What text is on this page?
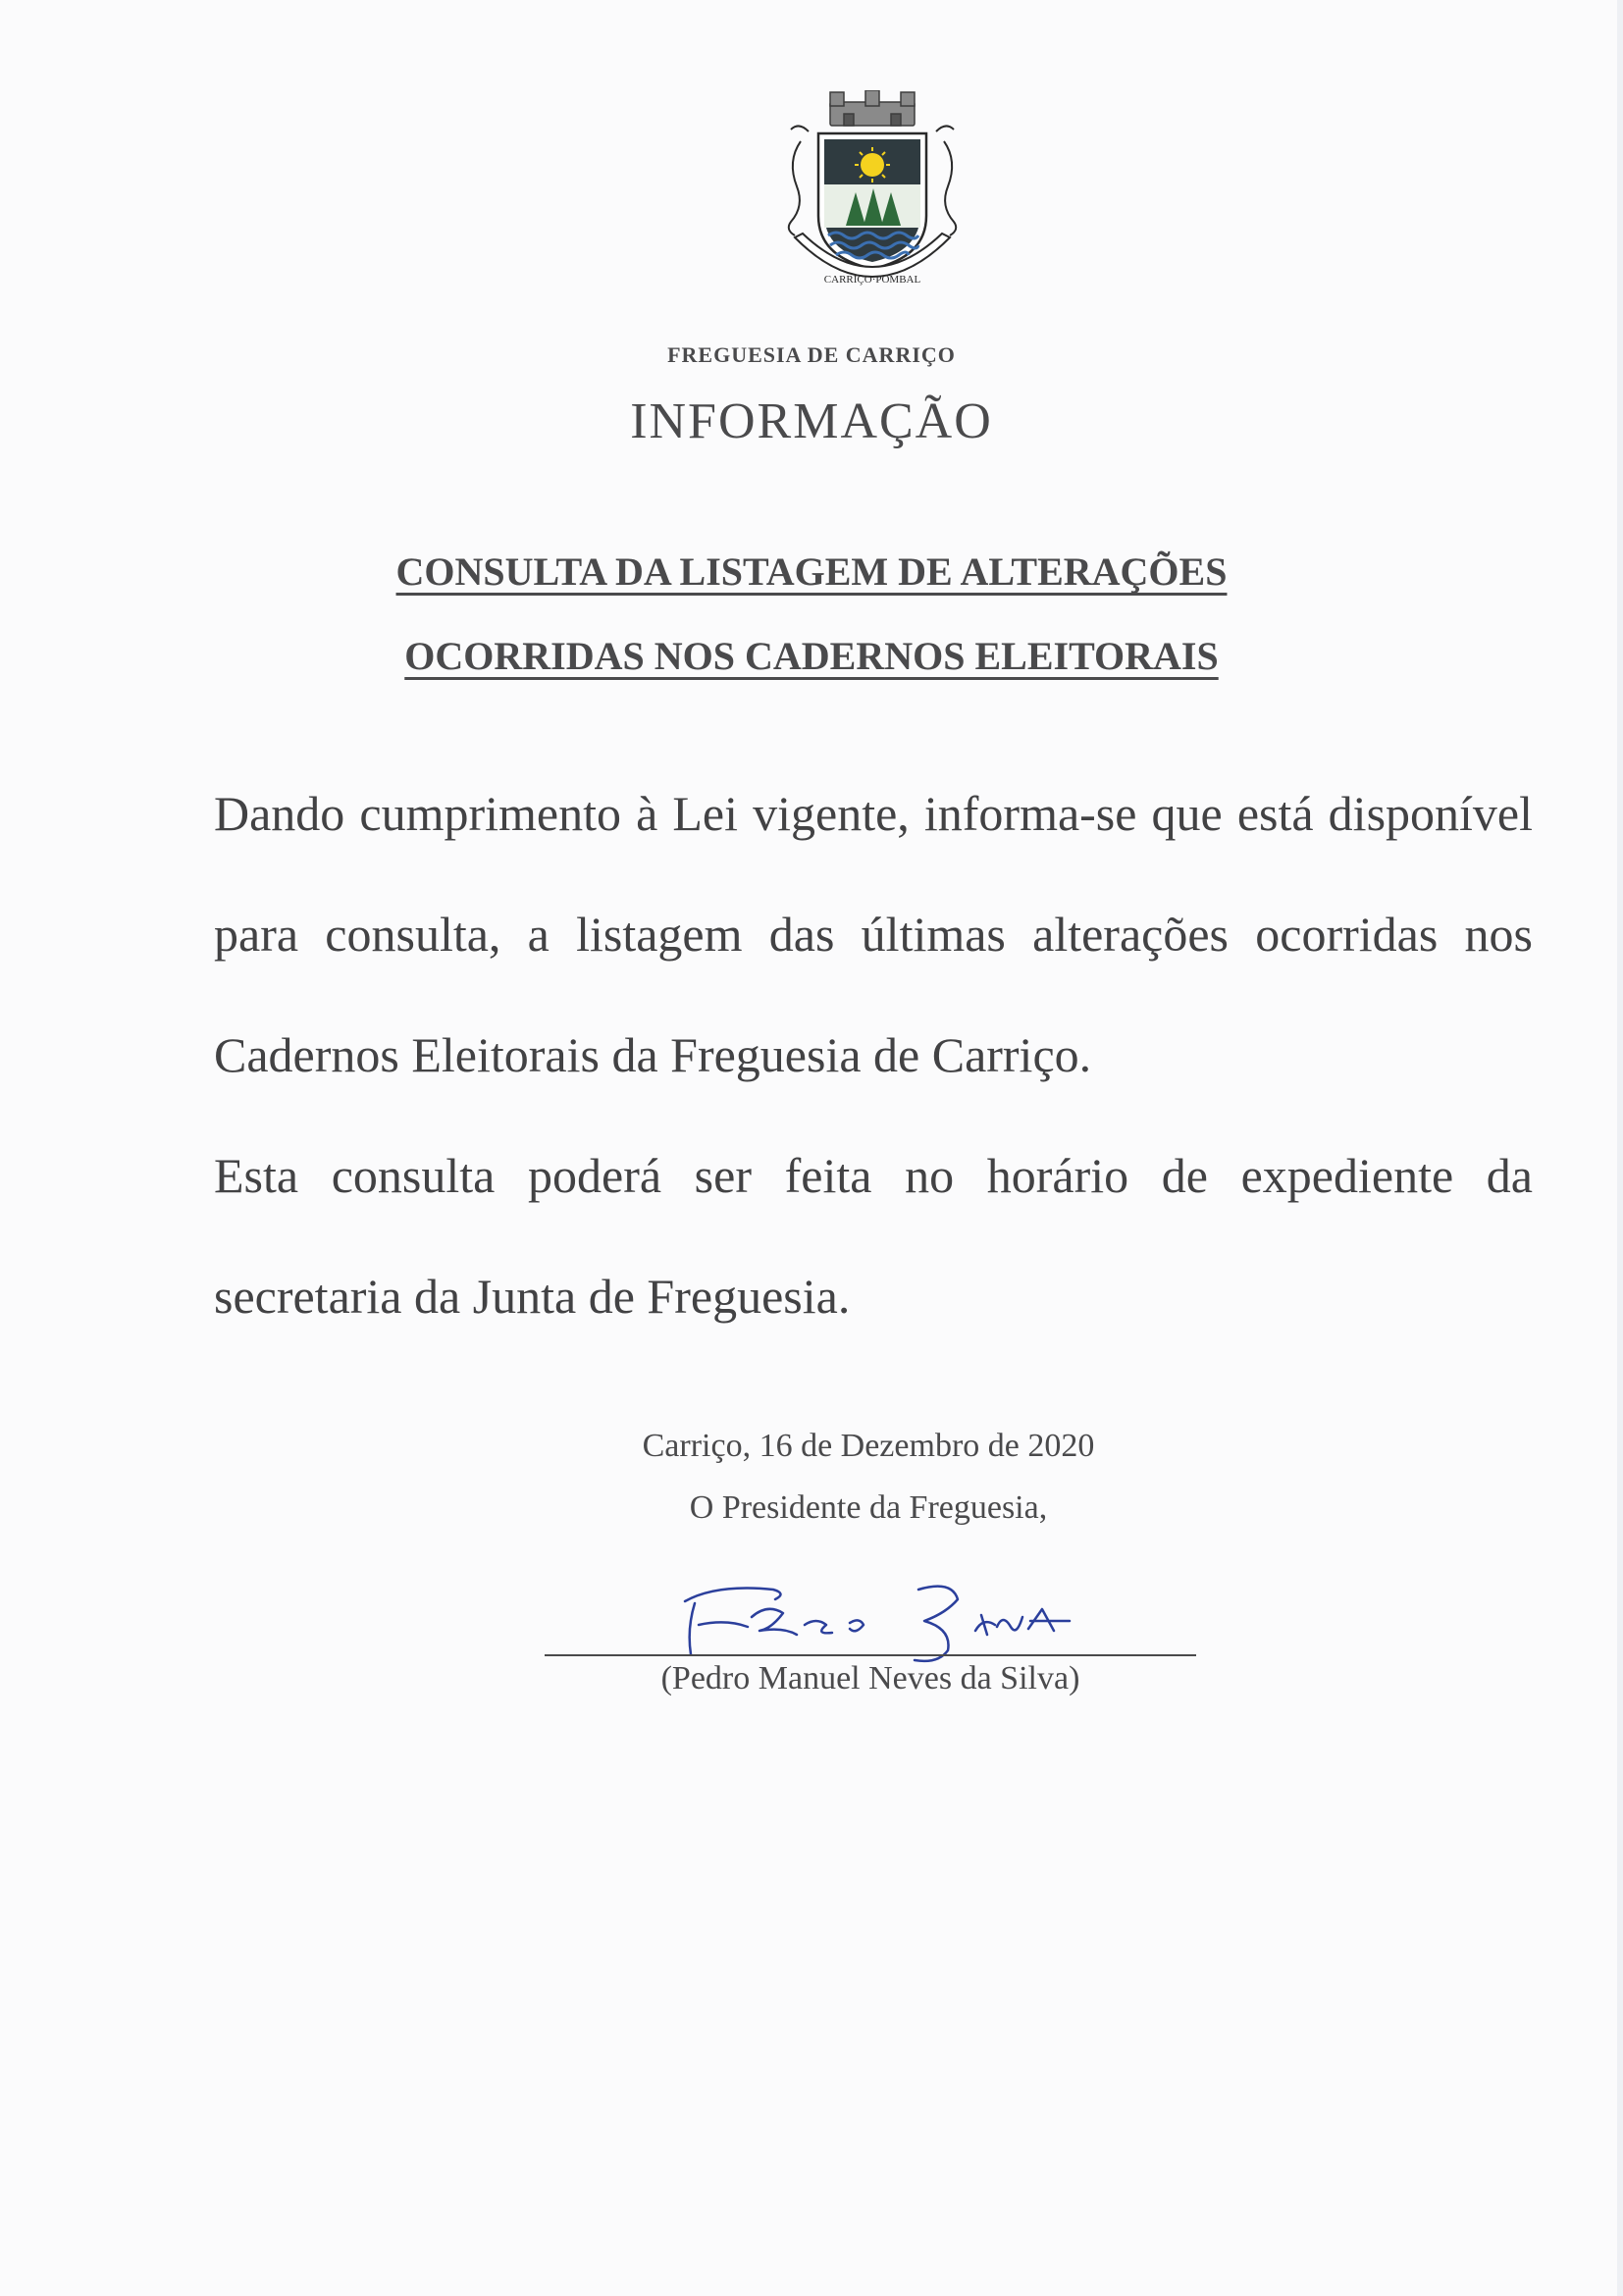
CARRIÇO·POMBAL
FREGUESIA DE CARRIÇO
INFORMAÇÃO
CONSULTA DA LISTAGEM DE ALTERAÇÕES
OCORRIDAS NOS CADERNOS ELEITORAIS

Dando cumprimento à Lei vigente, informa-se que está disponível para consulta, a listagem das últimas alterações ocorridas nos Cadernos Eleitorais da Freguesia de Carriço.

Esta consulta poderá ser feita no horário de expediente da secretaria da Junta de Freguesia.

Carriço, 16 de Dezembro de 2020
O Presidente da Freguesia,
(Pedro Manuel Neves da Silva)
